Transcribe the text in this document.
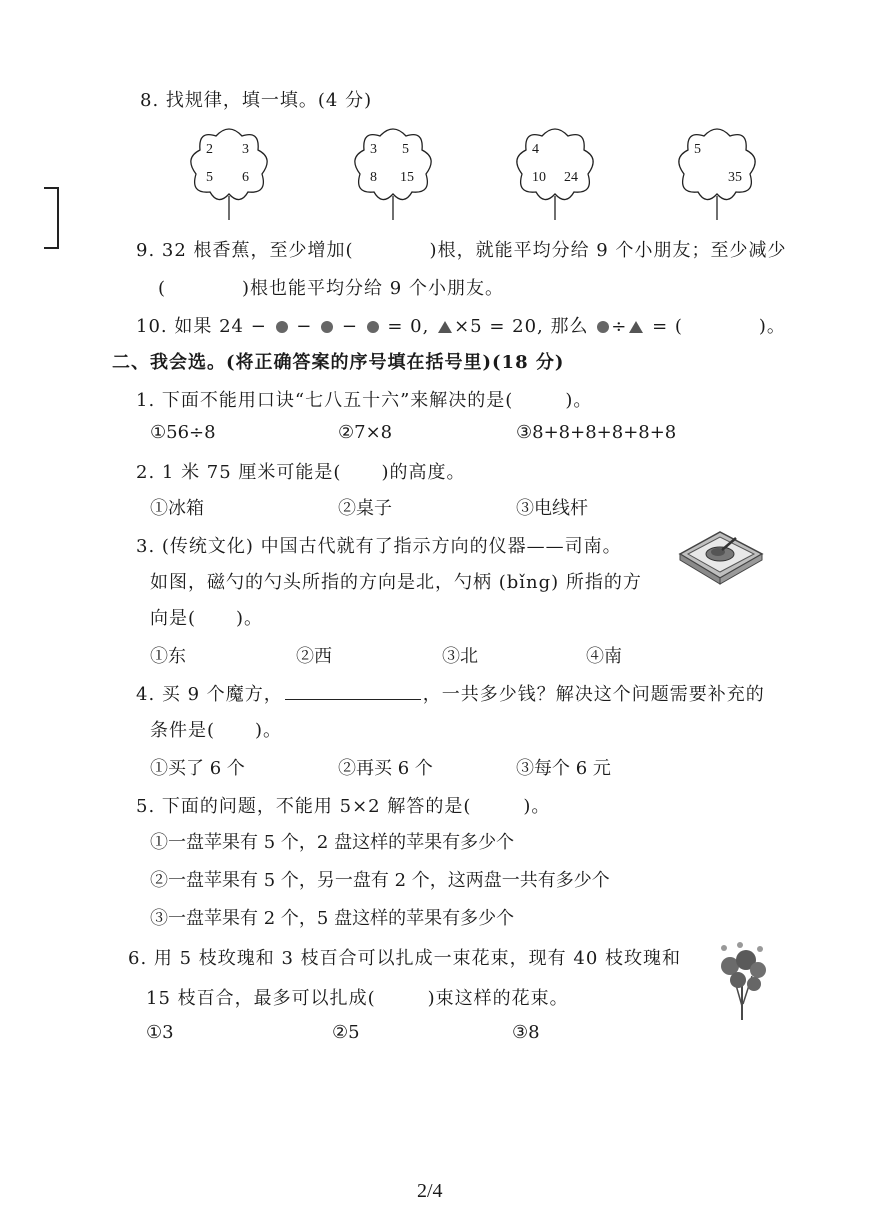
8. 找规律，填一填。(4 分)
2 3
5 6
3 5
8 15
4
10 24
5
35
9. 32 根香蕉，至少增加(	)根，就能平均分给 9 个小朋友；至少减少
(	)根也能平均分给 9 个小朋友。
10. 如果 24 − − − = 0, ×5 = 20, 那么 ÷ = (	)。
二、我会选。(将正确答案的序号填在括号里)(18 分)
1. 下面不能用口诀“七八五十六”来解决的是(	)。
①56÷8	②7×8	③8+8+8+8+8+8
2. 1 米 75 厘米可能是( )的高度。
①冰箱	②桌子	③电线杆
3. (传统文化) 中国古代就有了指示方向的仪器——司南。
如图，磁勺的勺头所指的方向是北，勺柄 (bǐng) 所指的方
向是( )。
①东	②西	③北	④南
4. 买 9 个魔方，	，一共多少钱？解决这个问题需要补充的
条件是( )。
①买了 6 个	②再买 6 个	③每个 6 元
5. 下面的问题，不能用 5×2 解答的是(	)。
①一盘苹果有 5 个，2 盘这样的苹果有多少个
②一盘苹果有 5 个，另一盘有 2 个，这两盘一共有多少个
③一盘苹果有 2 个，5 盘这样的苹果有多少个
6. 用 5 枝玫瑰和 3 枝百合可以扎成一束花束，现有 40 枝玫瑰和
15 枝百合，最多可以扎成(	)束这样的花束。
①3	②5	③8
2/4
